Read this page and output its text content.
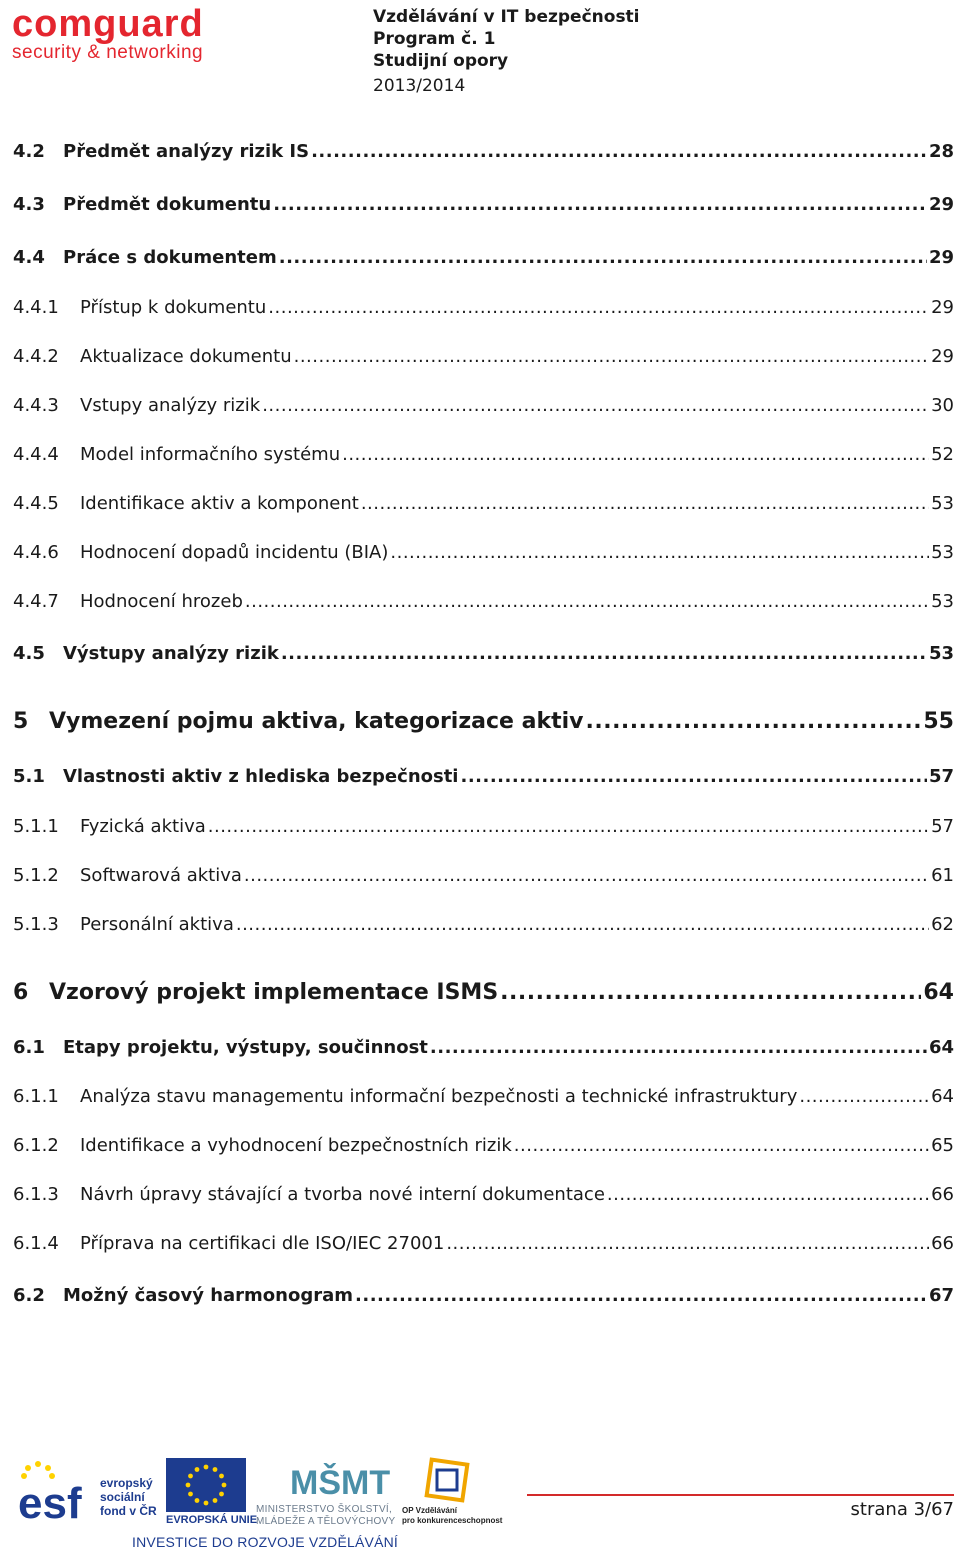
comguard
security & networking
Vzdělávání v IT bezpečnosti
Program č. 1
Studijní opory
2013/2014
4.2	Předmět analýzy rizik IS .....	28
4.3	Předmět dokumentu .....	29
4.4	Práce s dokumentem .....	29
4.4.1	Přístup k dokumentu .....	29
4.4.2	Aktualizace dokumentu .....	29
4.4.3	Vstupy analýzy rizik .....	30
4.4.4	Model informačního systému .....	52
4.4.5	Identifikace aktiv a komponent .....	53
4.4.6	Hodnocení dopadů incidentu (BIA) .....	53
4.4.7	Hodnocení hrozeb .....	53
4.5	Výstupy analýzy rizik .....	53
5 Vymezení pojmu aktiva, kategorizace aktiv .....	55
5.1	Vlastnosti aktiv z hlediska bezpečnosti .....	57
5.1.1	Fyzická aktiva .....	57
5.1.2	Softwarová aktiva .....	61
5.1.3	Personální aktiva .....	62
6 Vzorový projekt implementace ISMS .....	64
6.1	Etapy projektu, výstupy, součinnost .....	64
6.1.1	Analýza stavu managementu informační bezpečnosti a technické infrastruktury .....	64
6.1.2	Identifikace a vyhodnocení bezpečnostních rizik .....	65
6.1.3	Návrh úpravy stávající a tvorba nové interní dokumentace .....	66
6.1.4	Příprava na certifikaci dle ISO/IEC 27001 .....	66
6.2	Možný časový harmonogram .....	67
esf evropský
sociální
fond v ČR
EVROPSKÁ UNIE
MŠMT
MINISTERSTVO ŠKOLSTVÍ,
MLÁDEŽE A TĚLOVÝCHOVY
OP Vzdělávání
pro konkurenceschopnost
INVESTICE DO ROZVOJE VZDĚLÁVÁNÍ
strana 3/67
